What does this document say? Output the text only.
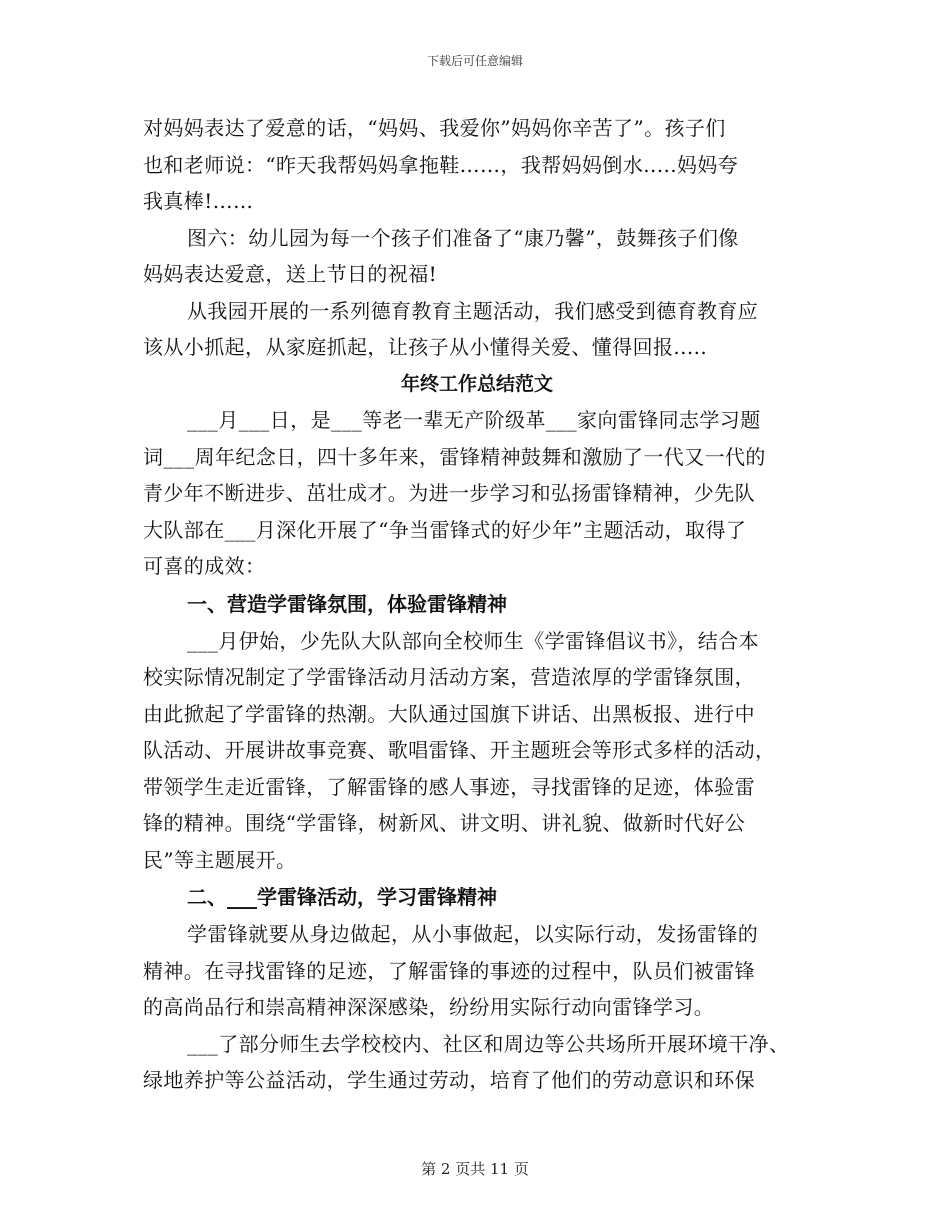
下载后可任意编辑
对妈妈表达了爱意的话，“妈妈、我爱你”妈妈你辛苦了”。孩子们
也和老师说：“昨天我帮妈妈拿拖鞋……，我帮妈妈倒水.....妈妈夸
我真棒!……
图六：幼儿园为每一个孩子们准备了“康乃馨”，鼓舞孩子们像
妈妈表达爱意，送上节日的祝福!
从我园开展的一系列德育教育主题活动，我们感受到德育教育应
该从小抓起，从家庭抓起，让孩子从小懂得关爱、懂得回报.....
年终工作总结范文
___月___日，是___等老一辈无产阶级革___家向雷锋同志学习题
词___周年纪念日，四十多年来，雷锋精神鼓舞和激励了一代又一代的
青少年不断进步、茁壮成才。为进一步学习和弘扬雷锋精神，少先队
大队部在___月深化开展了“争当雷锋式的好少年”主题活动，取得了
可喜的成效：
一、营造学雷锋氛围，体验雷锋精神
___月伊始，少先队大队部向全校师生《学雷锋倡议书》，结合本
校实际情况制定了学雷锋活动月活动方案，营造浓厚的学雷锋氛围，
由此掀起了学雷锋的热潮。大队通过国旗下讲话、出黑板报、进行中
队活动、开展讲故事竞赛、歌唱雷锋、开主题班会等形式多样的活动，
带领学生走近雷锋，了解雷锋的感人事迹，寻找雷锋的足迹，体验雷
锋的精神。围绕“学雷锋，树新风、讲文明、讲礼貌、做新时代好公
民”等主题展开。
二、___学雷锋活动，学习雷锋精神
学雷锋就要从身边做起，从小事做起，以实际行动，发扬雷锋的
精神。在寻找雷锋的足迹，了解雷锋的事迹的过程中，队员们被雷锋
的高尚品行和崇高精神深深感染，纷纷用实际行动向雷锋学习。
___了部分师生去学校校内、社区和周边等公共场所开展环境干净、
绿地养护等公益活动，学生通过劳动，培育了他们的劳动意识和环保
第 2 页共 11 页
